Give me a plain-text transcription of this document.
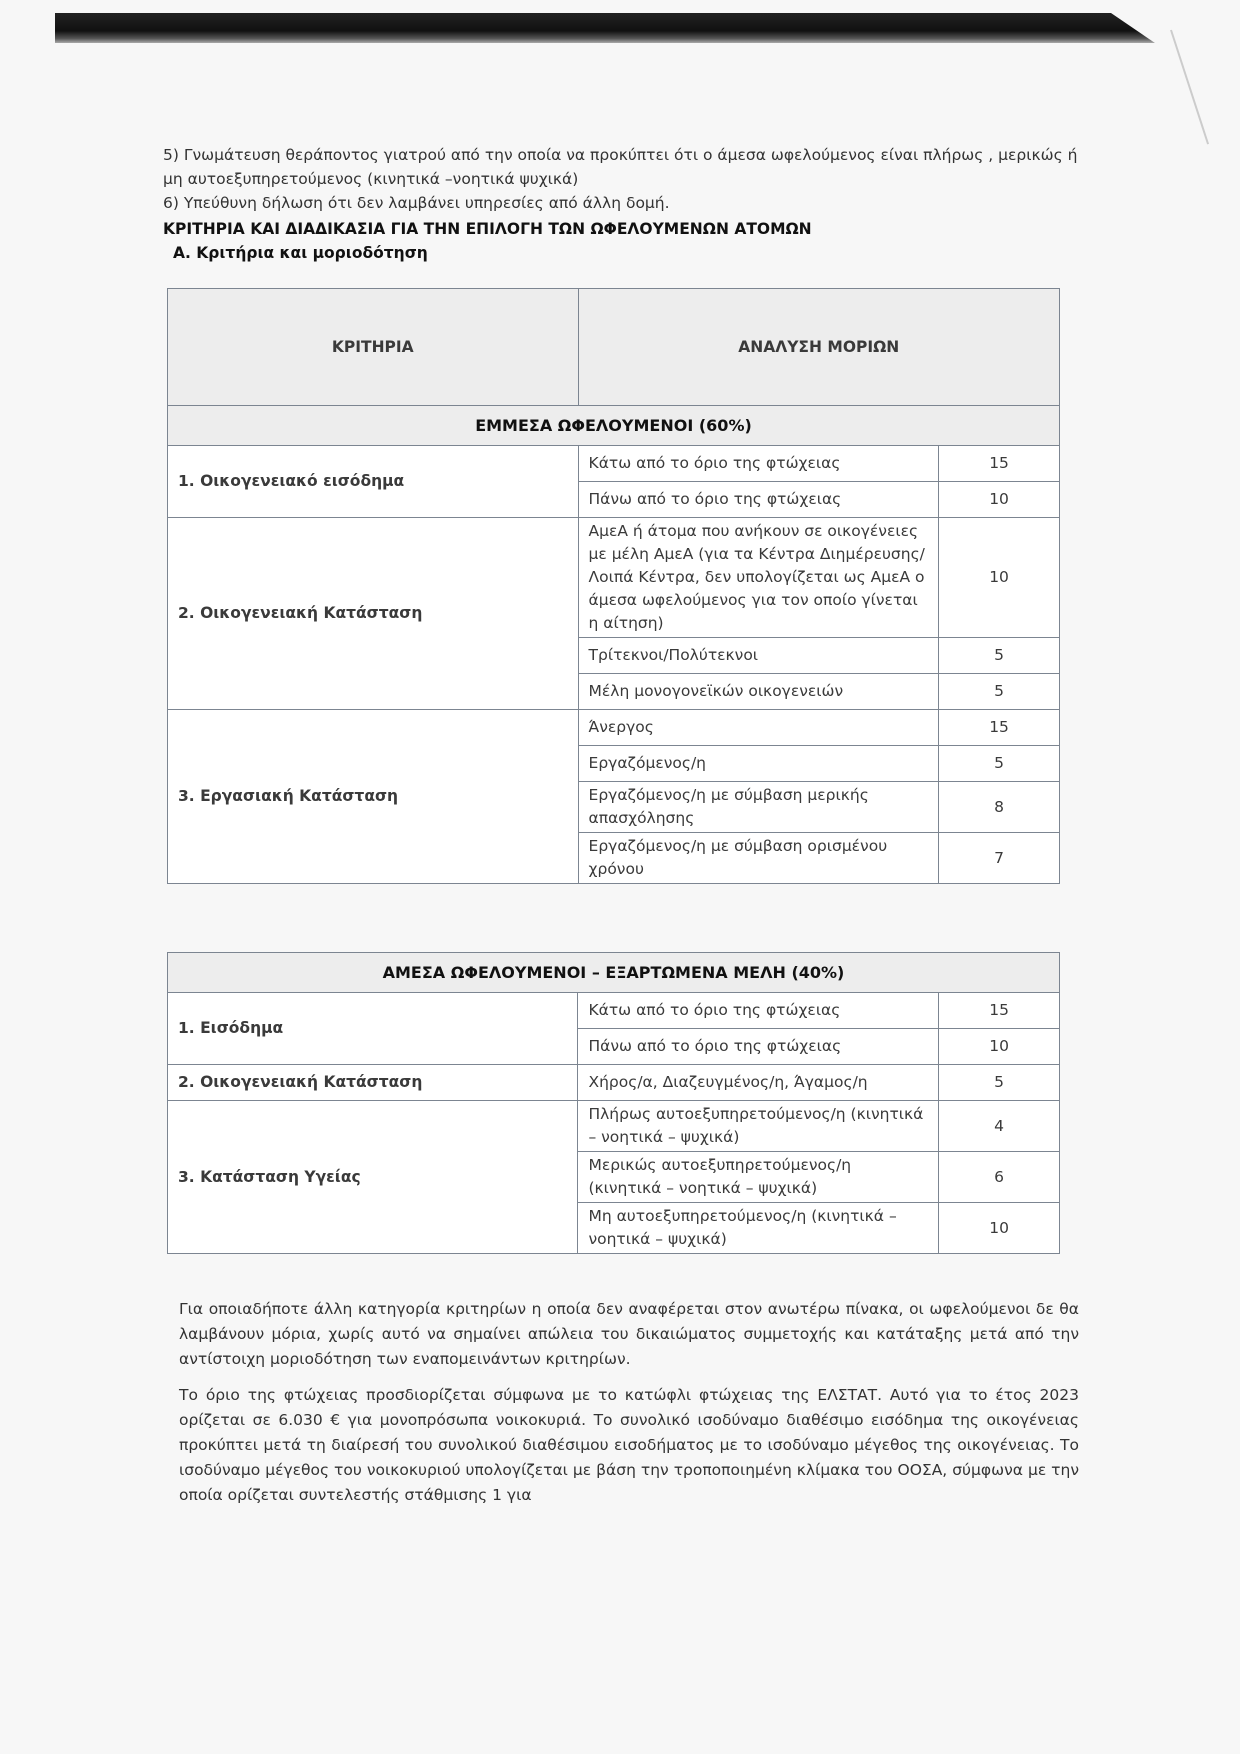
5) Γνωμάτευση θεράποντος γιατρού από την οποία να προκύπτει ότι ο άμεσα ωφελούμενος είναι πλήρως , μερικώς ή μη αυτοεξυπηρετούμενος (κινητικά –νοητικά ψυχικά)

6) Υπεύθυνη δήλωση ότι δεν λαμβάνει υπηρεσίες από άλλη δομή.

ΚΡΙΤΗΡΙΑ ΚΑΙ ΔΙΑΔΙΚΑΣΙΑ ΓΙΑ ΤΗΝ ΕΠΙΛΟΓΗ ΤΩΝ ΩΦΕΛΟΥΜΕΝΩΝ ΑΤΟΜΩΝ

Α. Κριτήρια και μοριοδότηση

ΚΡΙΤΗΡΙΑ	ΑΝΑΛΥΣΗ ΜΟΡΙΩΝ	
ΕΜΜΕΣΑ ΩΦΕΛΟΥΜΕΝΟΙ (60%)		
1. Οικογενειακό εισόδημα	Κάτω από το όριο της φτώχειας	15
	Πάνω από το όριο της φτώχειας	10
2. Οικογενειακή Κατάσταση	ΑμεΑ ή άτομα που ανήκουν σε οικογένειες με μέλη ΑμεΑ (για τα Κέντρα Διημέρευσης/Λοιπά Κέντρα, δεν υπολογίζεται ως ΑμεΑ ο άμεσα ωφελούμενος για τον οποίο γίνεται η αίτηση)	10
	Τρίτεκνοι/Πολύτεκνοι	5
	Μέλη μονογονεϊκών οικογενειών	5
3. Εργασιακή Κατάσταση	Άνεργος	15
	Εργαζόμενος/η	5
	Εργαζόμενος/η με σύμβαση μερικής απασχόλησης	8
	Εργαζόμενος/η με σύμβαση ορισμένου χρόνου	7
ΑΜΕΣΑ ΩΦΕΛΟΥΜΕΝΟΙ – ΕΞΑΡΤΩΜΕΝΑ ΜΕΛΗ (40%)		
1. Εισόδημα	Κάτω από το όριο της φτώχειας	15
	Πάνω από το όριο της φτώχειας	10
2. Οικογενειακή Κατάσταση	Χήρος/α, Διαζευγμένος/η, Άγαμος/η	5
3. Κατάσταση Υγείας	Πλήρως αυτοεξυπηρετούμενος/η (κινητικά – νοητικά – ψυχικά)	4
	Μερικώς αυτοεξυπηρετούμενος/η (κινητικά – νοητικά – ψυχικά)	6
	Μη αυτοεξυπηρετούμενος/η (κινητικά – νοητικά – ψυχικά)	10

Για οποιαδήποτε άλλη κατηγορία κριτηρίων η οποία δεν αναφέρεται στον ανωτέρω πίνακα, οι ωφελούμενοι δε θα λαμβάνουν μόρια, χωρίς αυτό να σημαίνει απώλεια του δικαιώματος συμμετοχής και κατάταξης μετά από την αντίστοιχη μοριοδότηση των εναπομεινάντων κριτηρίων.

Το όριο της φτώχειας προσδιορίζεται σύμφωνα με το κατώφλι φτώχειας της ΕΛΣΤΑΤ. Αυτό για το έτος 2023 ορίζεται σε 6.030 € για μονοπρόσωπα νοικοκυριά. Το συνολικό ισοδύναμο διαθέσιμο εισόδημα της οικογένειας προκύπτει μετά τη διαίρεσή του συνολικού διαθέσιμου εισοδήματος με το ισοδύναμο μέγεθος της οικογένειας. Το ισοδύναμο μέγεθος του νοικοκυριού υπολογίζεται με βάση την τροποποιημένη κλίμακα του ΟΟΣΑ, σύμφωνα με την οποία ορίζεται συντελεστής στάθμισης 1 για
